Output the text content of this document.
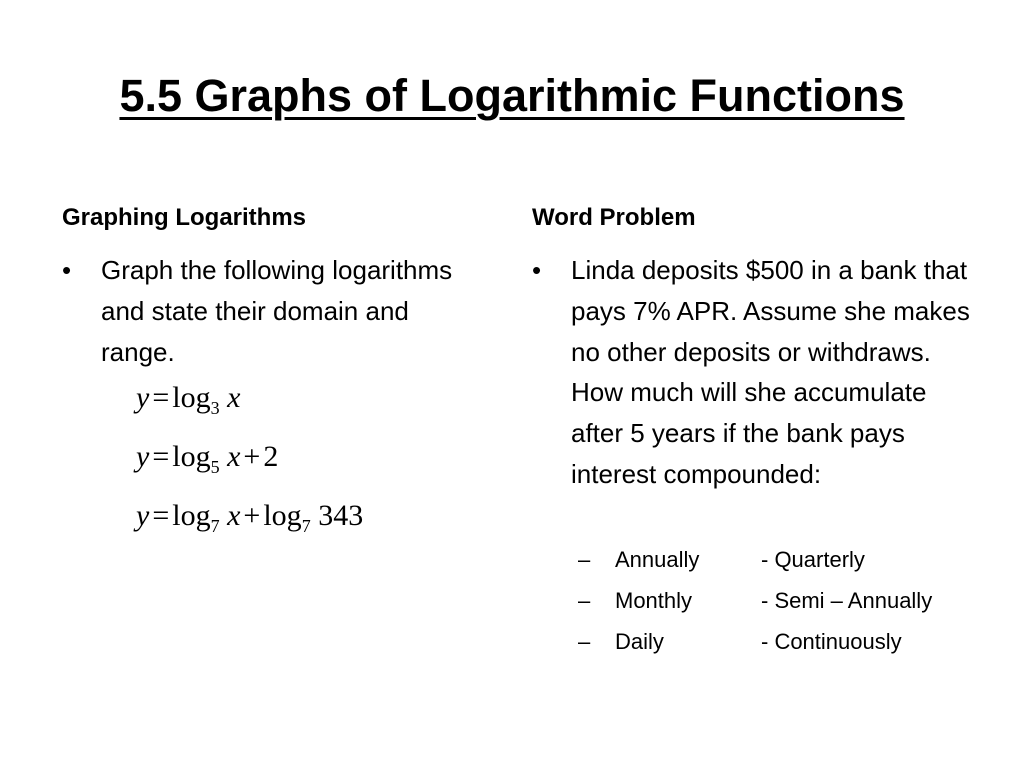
5.5 Graphs of Logarithmic Functions
Graphing Logarithms	Word Problem
• Graph the following logarithms and state their domain and range.
$y = \log_3 x$
$y = \log_5 x + 2$
$y = \log_7 x + \log_7 343$
• Linda deposits $500 in a bank that pays 7% APR. Assume she makes no other deposits or withdraws. How much will she accumulate after 5 years if the bank pays interest compounded:
– Annually	- Quarterly
– Monthly	- Semi – Annually
– Daily	- Continuously
